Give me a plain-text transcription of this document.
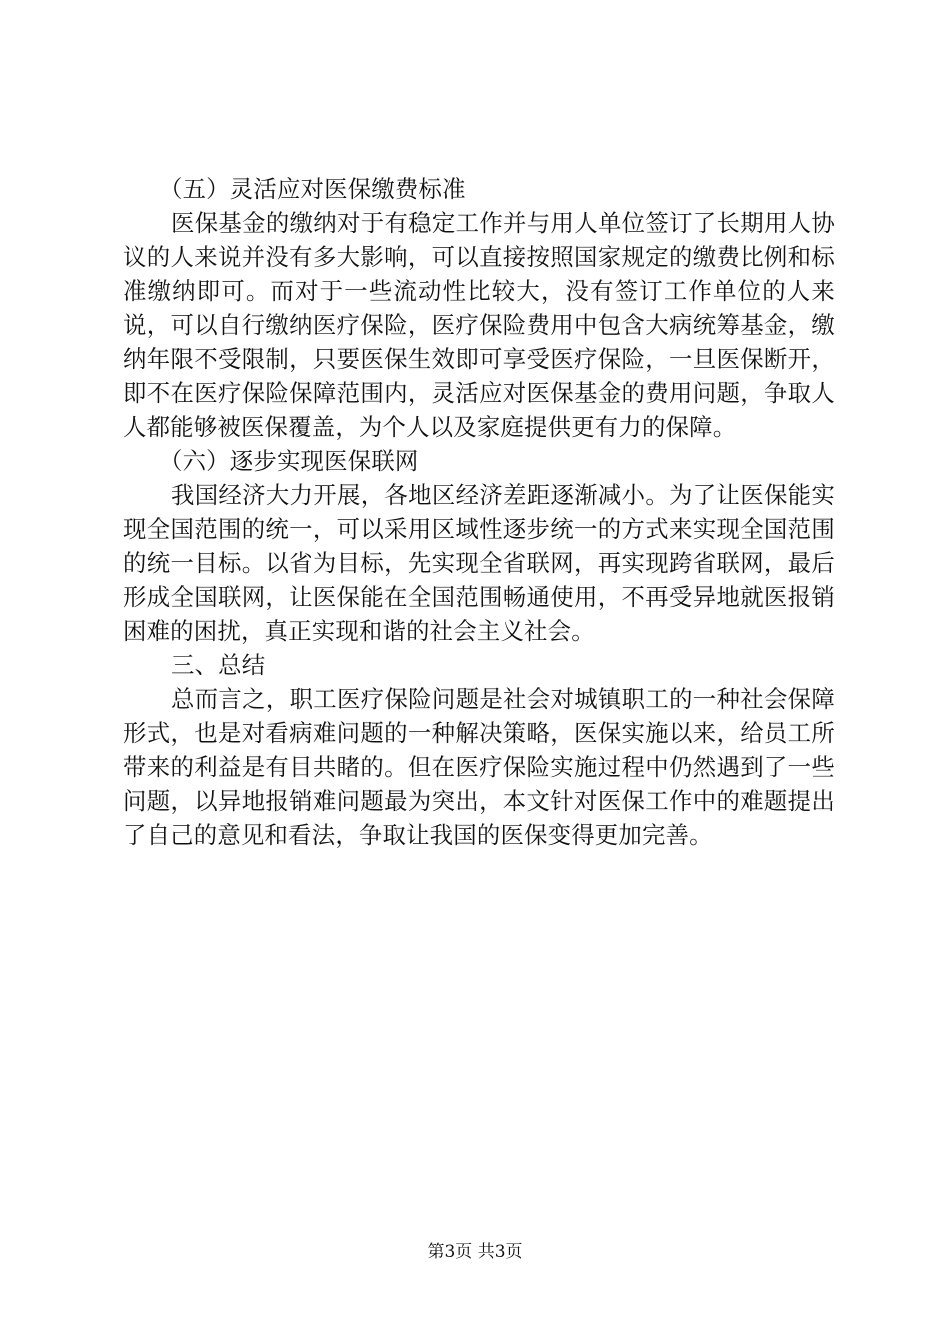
（五）灵活应对医保缴费标准

医保基金的缴纳对于有稳定工作并与用人单位签订了长期用人协议的人来说并没有多大影响，可以直接按照国家规定的缴费比例和标准缴纳即可。而对于一些流动性比较大，没有签订工作单位的人来说，可以自行缴纳医疗保险，医疗保险费用中包含大病统筹基金，缴纳年限不受限制，只要医保生效即可享受医疗保险，一旦医保断开，即不在医疗保险保障范围内，灵活应对医保基金的费用问题，争取人人都能够被医保覆盖，为个人以及家庭提供更有力的保障。

（六）逐步实现医保联网

我国经济大力开展，各地区经济差距逐渐减小。为了让医保能实现全国范围的统一，可以采用区域性逐步统一的方式来实现全国范围的统一目标。以省为目标，先实现全省联网，再实现跨省联网，最后形成全国联网，让医保能在全国范围畅通使用，不再受异地就医报销困难的困扰，真正实现和谐的社会主义社会。

三、总结

总而言之，职工医疗保险问题是社会对城镇职工的一种社会保障形式，也是对看病难问题的一种解决策略，医保实施以来，给员工所带来的利益是有目共睹的。但在医疗保险实施过程中仍然遇到了一些问题，以异地报销难问题最为突出，本文针对医保工作中的难题提出了自己的意见和看法，争取让我国的医保变得更加完善。

第3页 共3页
